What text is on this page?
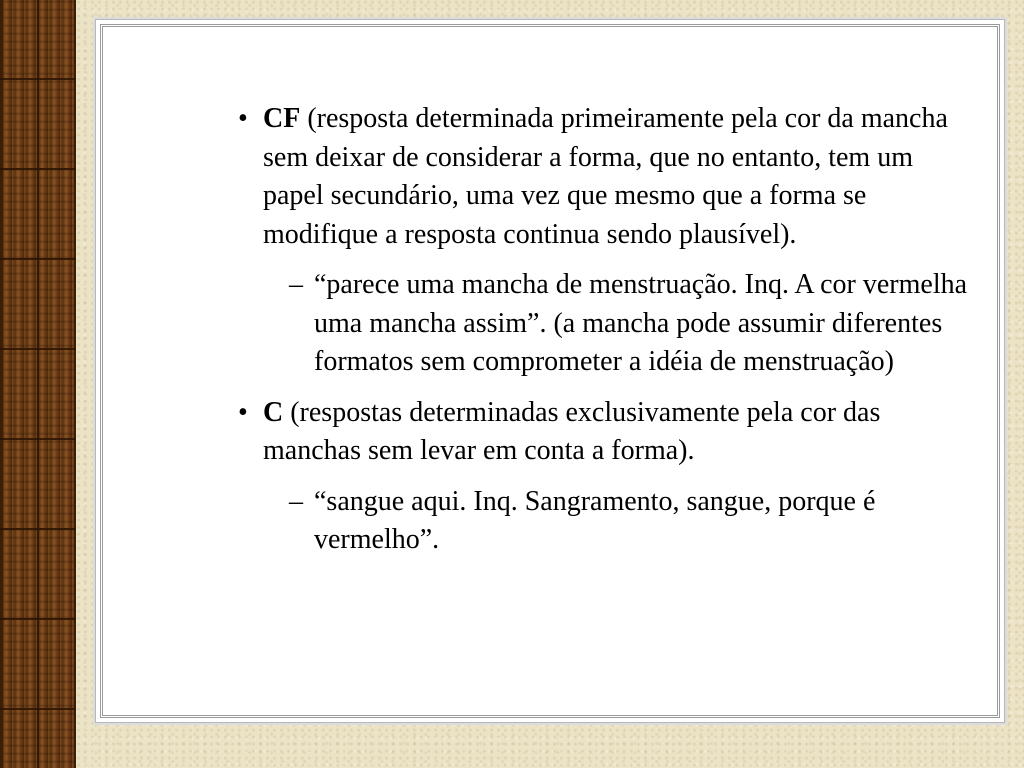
• CF (resposta determinada primeiramente pela cor da mancha sem deixar de considerar a forma, que no entanto, tem um papel secundário, uma vez que mesmo que a forma se modifique a resposta continua sendo plausível).
– “parece uma mancha de menstruação. Inq. A cor vermelha uma mancha assim”. (a mancha pode assumir diferentes formatos sem comprometer a idéia de menstruação)
• C (respostas determinadas exclusivamente pela cor das manchas sem levar em conta a forma).
– “sangue aqui. Inq. Sangramento, sangue, porque é vermelho”.
